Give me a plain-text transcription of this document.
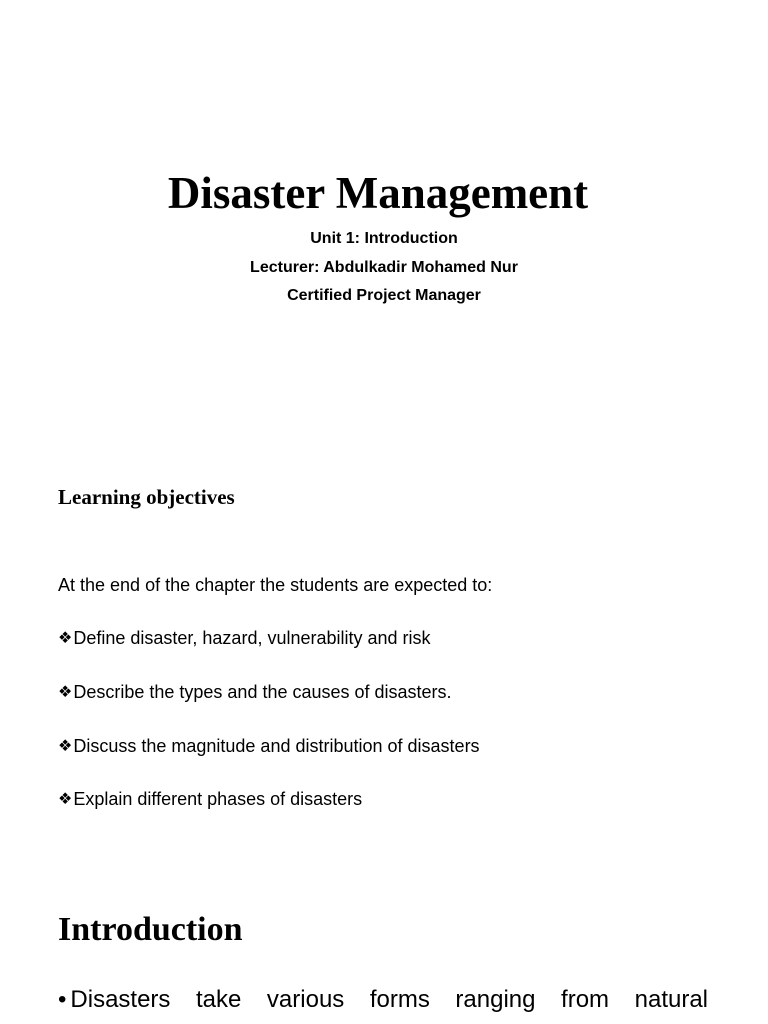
Disaster Management

Unit 1: Introduction

Lecturer: Abdulkadir Mohamed Nur

Certified Project Manager

Learning objectives

At the end of the chapter the students are expected to:

❖ Define disaster, hazard, vulnerability and risk
❖ Describe the types and the causes of disasters.
❖ Discuss the magnitude and distribution of disasters
❖ Explain different phases of disasters
Introduction
• Disasters take various forms ranging from natural
